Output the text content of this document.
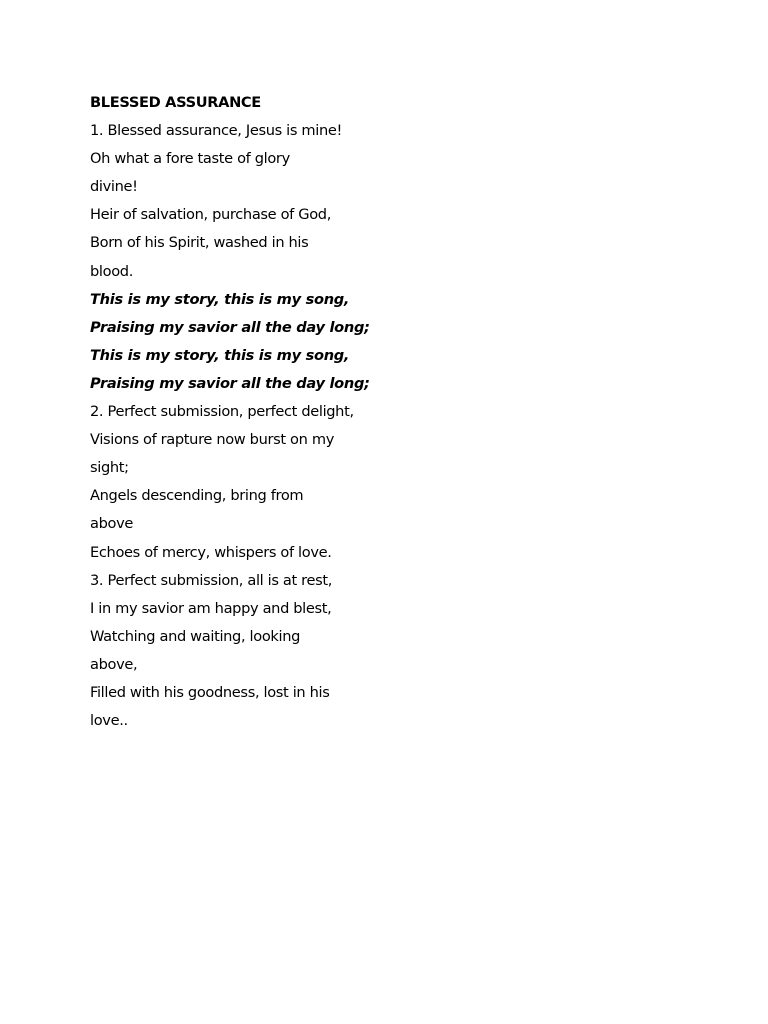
BLESSED ASSURANCE
1. Blessed assurance, Jesus is mine!
Oh what a fore taste of glory
divine!
Heir of salvation, purchase of God,
Born of his Spirit, washed in his
blood.
This is my story, this is my song,
Praising my savior all the day long;
This is my story, this is my song,
Praising my savior all the day long;
2. Perfect submission, perfect delight,
Visions of rapture now burst on my
sight;
Angels descending, bring from
above
Echoes of mercy, whispers of love.
3. Perfect submission, all is at rest,
I in my savior am happy and blest,
Watching and waiting, looking
above,
Filled with his goodness, lost in his
love..
